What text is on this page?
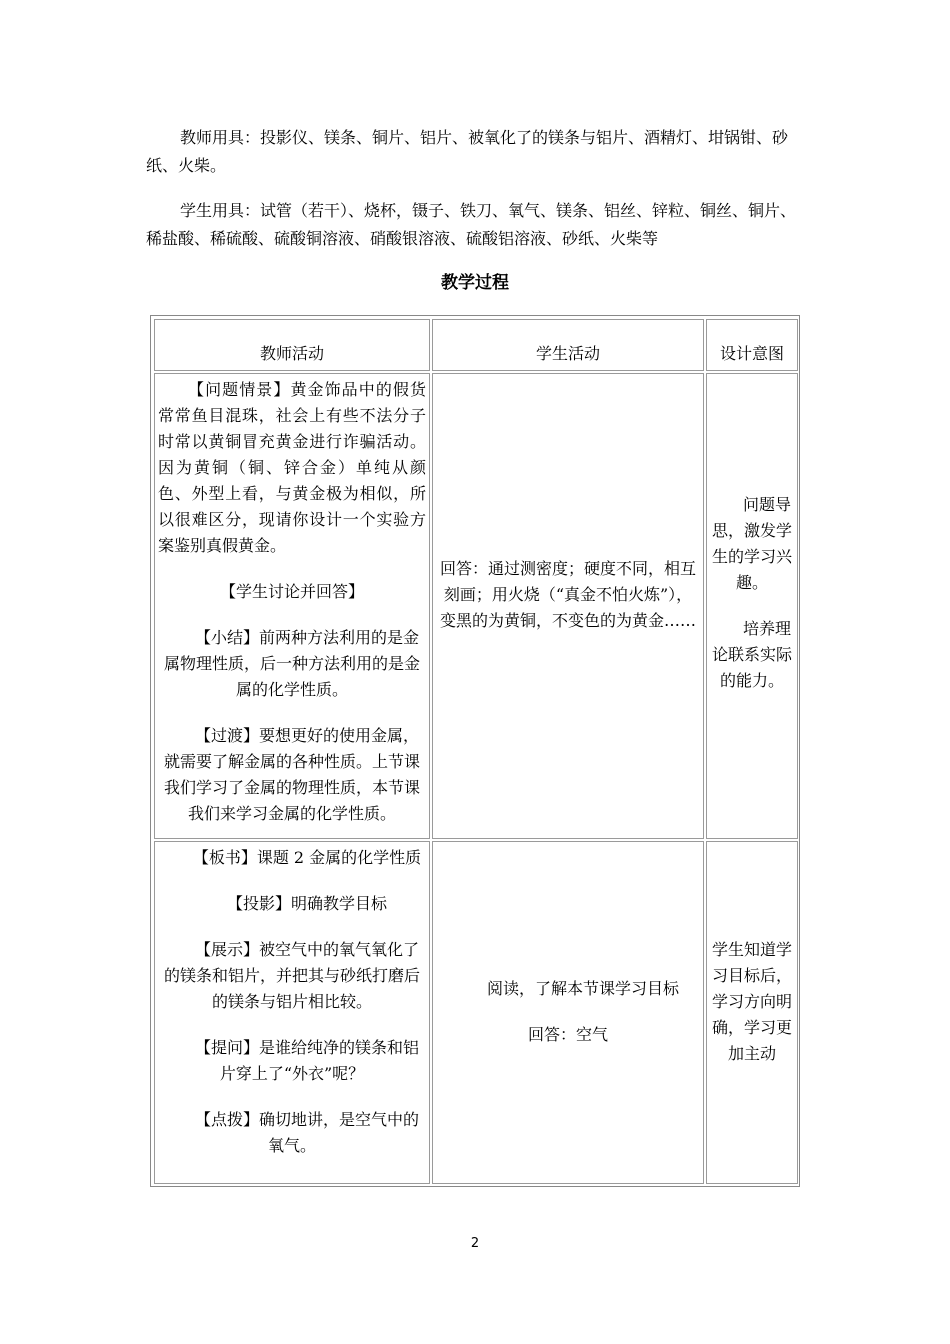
教师用具：投影仪、镁条、铜片、铝片、被氧化了的镁条与铝片、酒精灯、坩锅钳、砂纸、火柴。

学生用具：试管（若干）、烧杯，镊子、铁刀、氧气、镁条、铝丝、锌粒、铜丝、铜片、稀盐酸、稀硫酸、硫酸铜溶液、硝酸银溶液、硫酸铝溶液、砂纸、火柴等

教学过程
教师活动	学生活动	设计意图

【问题情景】黄金饰品中的假货常常鱼目混珠，社会上有些不法分子时常以黄铜冒充黄金进行诈骗活动。因为黄铜（铜、锌合金）单纯从颜色、外型上看，与黄金极为相似，所以很难区分，现请你设计一个实验方案鉴别真假黄金。

【学生讨论并回答】

【小结】前两种方法利用的是金属物理性质，后一种方法利用的是金属的化学性质。

【过渡】要想更好的使用金属，就需要了解金属的各种性质。上节课我们学习了金属的物理性质，本节课我们来学习金属的化学性质。

回答：通过测密度；硬度不同，相互刻画；用火烧（“真金不怕火炼”），变黑的为黄铜，不变色的为黄金……

问题导思，激发学生的学习兴趣。

培养理论联系实际的能力。

【板书】课题 2 金属的化学性质

【投影】明确教学目标

【展示】被空气中的氧气氧化了的镁条和铝片，并把其与砂纸打磨后的镁条与铝片相比较。

【提问】是谁给纯净的镁条和铝片穿上了“外衣”呢？

【点拨】确切地讲，是空气中的氧气。

阅读，了解本节课学习目标

回答：空气

学生知道学习目标后，学习方向明确，学习更加主动

2
